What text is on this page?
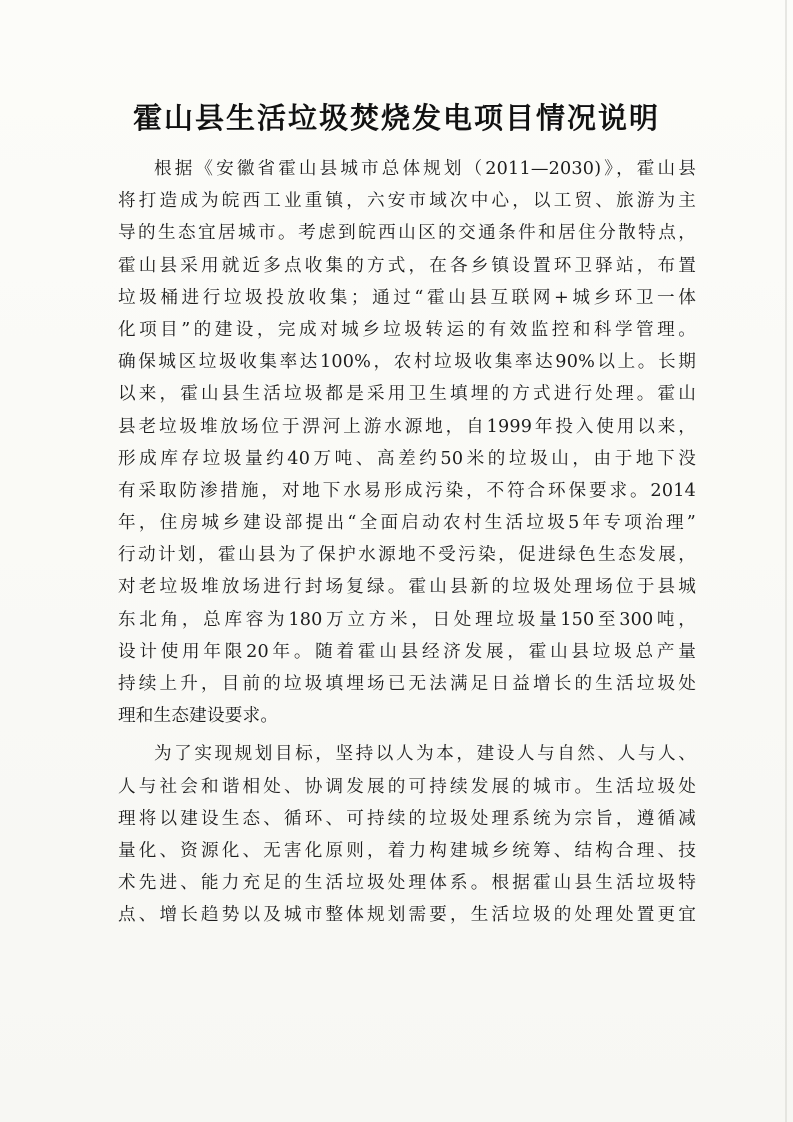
霍山县生活垃圾焚烧发电项目情况说明
根据《安徽省霍山县城市总体规划（2011—2030)》，霍山县
将打造成为皖西工业重镇，六安市域次中心，以工贸、旅游为主
导的生态宜居城市。考虑到皖西山区的交通条件和居住分散特点，
霍山县采用就近多点收集的方式，在各乡镇设置环卫驿站，布置
垃圾桶进行垃圾投放收集；通过“霍山县互联网+城乡环卫一体
化项目”的建设，完成对城乡垃圾转运的有效监控和科学管理。
确保城区垃圾收集率达100%，农村垃圾收集率达90%以上。长期
以来，霍山县生活垃圾都是采用卫生填埋的方式进行处理。霍山
县老垃圾堆放场位于淠河上游水源地，自1999年投入使用以来，
形成库存垃圾量约40万吨、高差约50米的垃圾山，由于地下没
有采取防渗措施，对地下水易形成污染，不符合环保要求。2014
年，住房城乡建设部提出“全面启动农村生活垃圾5年专项治理”
行动计划，霍山县为了保护水源地不受污染，促进绿色生态发展，
对老垃圾堆放场进行封场复绿。霍山县新的垃圾处理场位于县城
东北角，总库容为180万立方米，日处理垃圾量150至300吨，
设计使用年限20年。随着霍山县经济发展，霍山县垃圾总产量
持续上升，目前的垃圾填埋场已无法满足日益增长的生活垃圾处
理和生态建设要求。
为了实现规划目标，坚持以人为本，建设人与自然、人与人、
人与社会和谐相处、协调发展的可持续发展的城市。生活垃圾处
理将以建设生态、循环、可持续的垃圾处理系统为宗旨，遵循减
量化、资源化、无害化原则，着力构建城乡统筹、结构合理、技
术先进、能力充足的生活垃圾处理体系。根据霍山县生活垃圾特
点、增长趋势以及城市整体规划需要，生活垃圾的处理处置更宜
